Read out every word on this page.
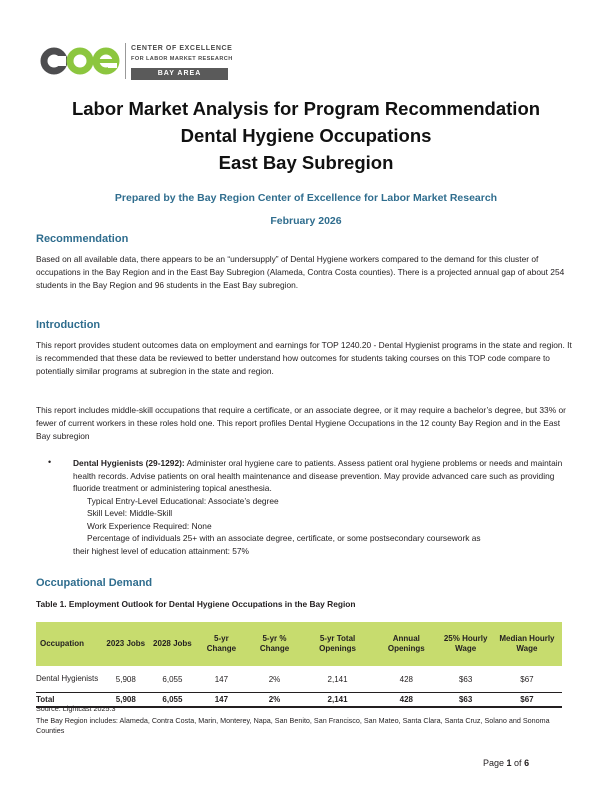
CENTER OF EXCELLENCE
FOR LABOR MARKET RESEARCH
BAY AREA
Labor Market Analysis for Program Recommendation
Dental Hygiene Occupations
East Bay Subregion
Prepared by the Bay Region Center of Excellence for Labor Market Research
February 2026
Recommendation
Based on all available data, there appears to be an “undersupply” of Dental Hygiene workers compared to the demand for this cluster of occupations in the Bay Region and in the East Bay Subregion (Alameda, Contra Costa counties). There is a projected annual gap of about 254 students in the Bay Region and 96 students in the East Bay subregion.
Introduction
This report provides student outcomes data on employment and earnings for TOP 1240.20 - Dental Hygienist programs in the state and region. It is recommended that these data be reviewed to better understand how outcomes for students taking courses on this TOP code compare to potentially similar programs at subregion in the state and region.
This report includes middle-skill occupations that require a certificate, or an associate degree, or it may require a bachelor’s degree, but 33% or fewer of current workers in these roles hold one. This report profiles Dental Hygiene Occupations in the 12 county Bay Region and in the East Bay subregion
•	Dental Hygienists (29-1292): Administer oral hygiene care to patients. Assess patient oral hygiene problems or needs and maintain health records. Advise patients on oral health maintenance and disease prevention. May provide advanced care such as providing fluoride treatment or administering topical anesthesia.
Typical Entry-Level Educational: Associate’s degree
Skill Level: Middle-Skill
Work Experience Required: None
Percentage of individuals 25+ with an associate degree, certificate, or some postsecondary coursework as
their highest level of education attainment: 57%
Occupational Demand
Table 1. Employment Outlook for Dental Hygiene Occupations in the Bay Region
Occupation	2023 Jobs	2028 Jobs	5-yr Change	5-yr % Change	5-yr Total Openings	Annual Openings	25% Hourly Wage	Median Hourly Wage
Dental Hygienists	5,908	6,055	147	2%	2,141	428	$63	$67
Total	5,908	6,055	147	2%	2,141	428	$63	$67
Source: Lightcast 2025.3
The Bay Region includes: Alameda, Contra Costa, Marin, Monterey, Napa, San Benito, San Francisco, San Mateo, Santa Clara, Santa Cruz, Solano and Sonoma Counties
Page 1 of 6
